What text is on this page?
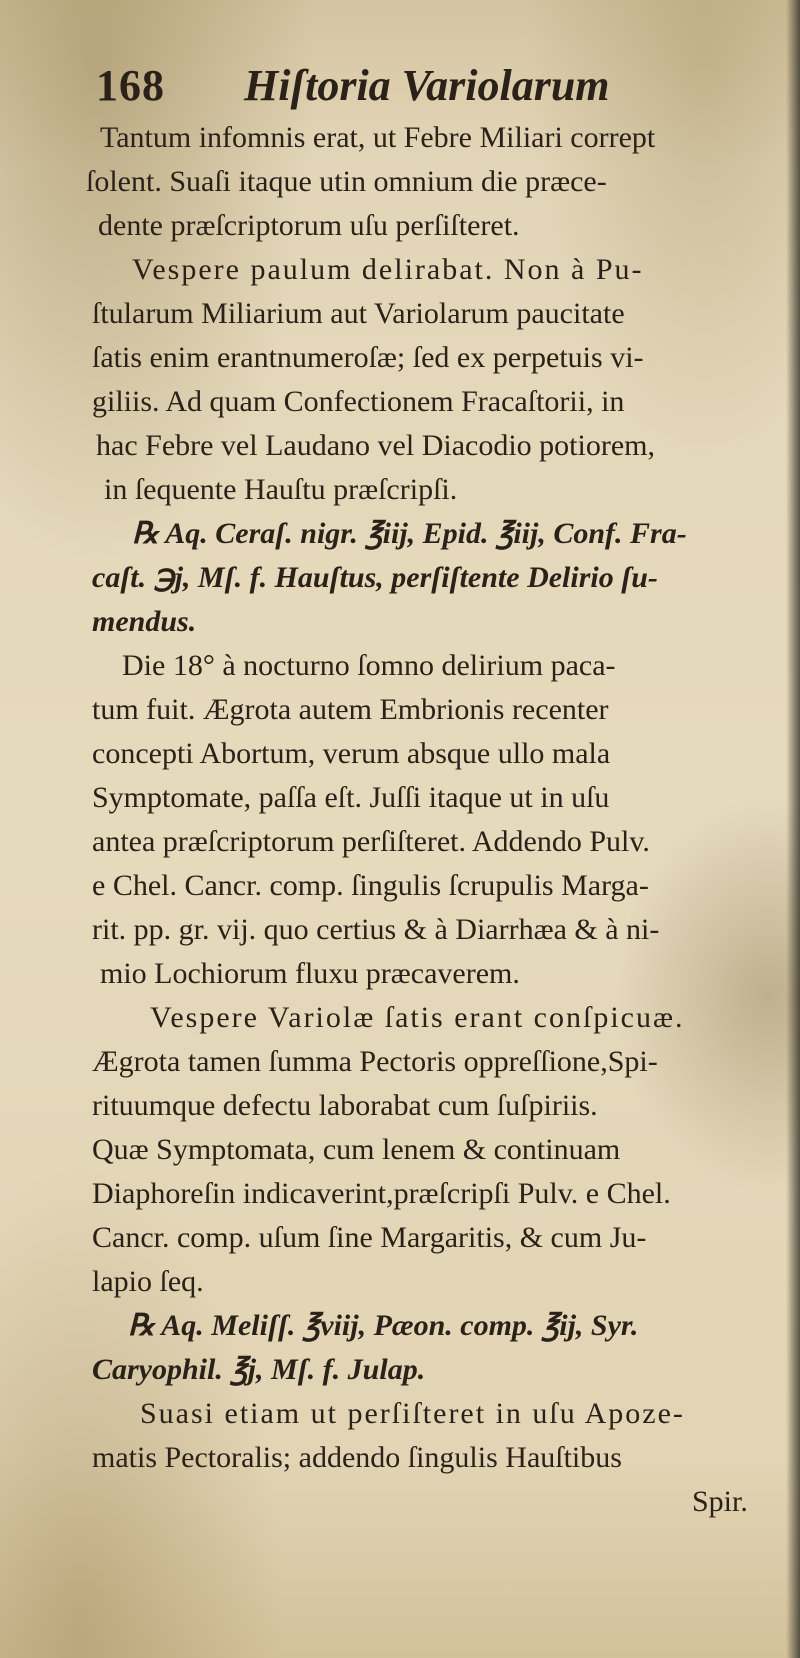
168 Hiſtoria Variolarum
Tantum infomnis erat, ut Febre Miliari corrept
ſolent. Suaſi itaque utin omnium die præce-
dente præſcriptorum uſu perſiſteret.
Vespere paulum delirabat. Non à Pu-
ſtularum Miliarium aut Variolarum paucitate
ſatis enim erantnumeroſæ; ſed ex perpetuis vi-
giliis. Ad quam Confectionem Fracaſtorii, in
hac Febre vel Laudano vel Diacodio potiorem,
in ſequente Hauſtu præſcripſi.
℞ Aq. Ceraſ. nigr. ℥iij, Epid. ℥iij, Conf. Fra-
caſt. ℈j, Mſ. f. Hauſtus, perſiſtente Delirio ſu-
mendus.
Die 18° à nocturno ſomno delirium paca-
tum fuit. Ægrota autem Embrionis recenter
concepti Abortum, verum absque ullo mala
Symptomate, paſſa eſt. Juſſi itaque ut in uſu
antea præſcriptorum perſiſteret. Addendo Pulv.
e Chel. Cancr. comp. ſingulis ſcrupulis Marga-
rit. pp. gr. vij. quo certius & à Diarrhæa & à ni-
mio Lochiorum fluxu præcaverem.
Vespere Variolæ ſatis erant conſpicuæ.
Ægrota tamen ſumma Pectoris oppreſſione,Spi-
rituumque defectu laborabat cum ſuſpiriis.
Quæ Symptomata, cum lenem & continuam
Diaphoreſin indicaverint,præſcripſi Pulv. e Chel.
Cancr. comp. uſum ſine Margaritis, & cum Ju-
lapio ſeq.
℞ Aq. Meliſſ. ℥viij, Pæon. comp. ℥ij, Syr.
Caryophil. ℥j, Mſ. f. Julap.
Suasi etiam ut perſiſteret in uſu Apoze-
matis Pectoralis; addendo ſingulis Hauſtibus
Spir.
